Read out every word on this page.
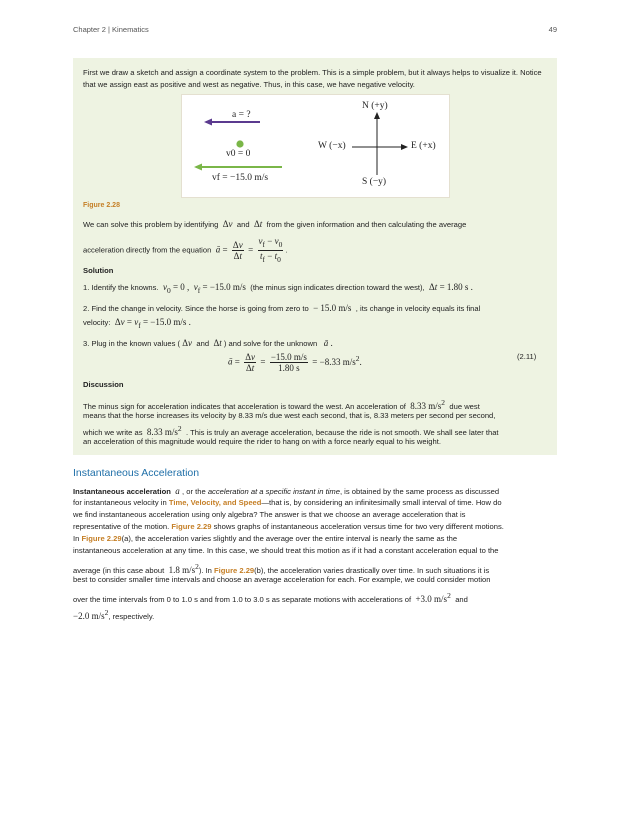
Chapter 2 | Kinematics	49
First we draw a sketch and assign a coordinate system to the problem. This is a simple problem, but it always helps to visualize it. Notice that we assign east as positive and west as negative. Thus, in this case, we have negative velocity.
a = ?
v0 = 0
vf = −15.0 m/s
N (+y)
S (−y)
W (−x)	E (+x)
Figure 2.28
We can solve this problem by identifying  Δv and  Δt from the given information and then calculating the average
acceleration directly from the equation ā = $\frac{\Delta v}{\Delta t} = \frac{v_f - v_0}{t_f - t_0}$ .
Solution
1. Identify the knowns. $v_0 = 0$ ,  $v_f = -15.0$ m/s  (the minus sign indicates direction toward the west),  Δt = 1.80 s .
2. Find the change in velocity. Since the horse is going from zero to  − 15.0 m/s  , its change in velocity equals its final
velocity:  $\Delta v = v_f = -15.0$ m/s .
3. Plug in the known values ( Δv and  Δt ) and solve for the unknown ā .
ā = $\frac{\Delta v}{\Delta t} = \frac{-15.0 m/s}{1.80 s} = -8.33$ $m/s^2$.	(2.11)
Discussion
The minus sign for acceleration indicates that acceleration is toward the west. An acceleration of  8.33 $m/s^2$ due west
means that the horse increases its velocity by 8.33 m/s due west each second, that is, 8.33 meters per second per second,
which we write as  8.33 $m/s^2$ . This is truly an average acceleration, because the ride is not smooth. We shall see later that
an acceleration of this magnitude would require the rider to hang on with a force nearly equal to his weight.
Instantaneous Acceleration
Instantaneous acceleration a , or the acceleration at a specific instant in time, is obtained by the same process as discussed
for instantaneous velocity in Time, Velocity, and Speed—that is, by considering an infinitesimally small interval of time. How do
we find instantaneous acceleration using only algebra? The answer is that we choose an average acceleration that is
representative of the motion. Figure 2.29 shows graphs of instantaneous acceleration versus time for two very different motions.
In Figure 2.29(a), the acceleration varies slightly and the average over the entire interval is nearly the same as the
instantaneous acceleration at any time. In this case, we should treat this motion as if it had a constant acceleration equal to the
average (in this case about  1.8 $m/s^2$). In Figure 2.29(b), the acceleration varies drastically over time. In such situations it is
best to consider smaller time intervals and choose an average acceleration for each. For example, we could consider motion
over the time intervals from 0 to 1.0 s and from 1.0 to 3.0 s as separate motions with accelerations of  +3.0 $m/s^2$ and
−2.0 $m/s^2$, respectively.
